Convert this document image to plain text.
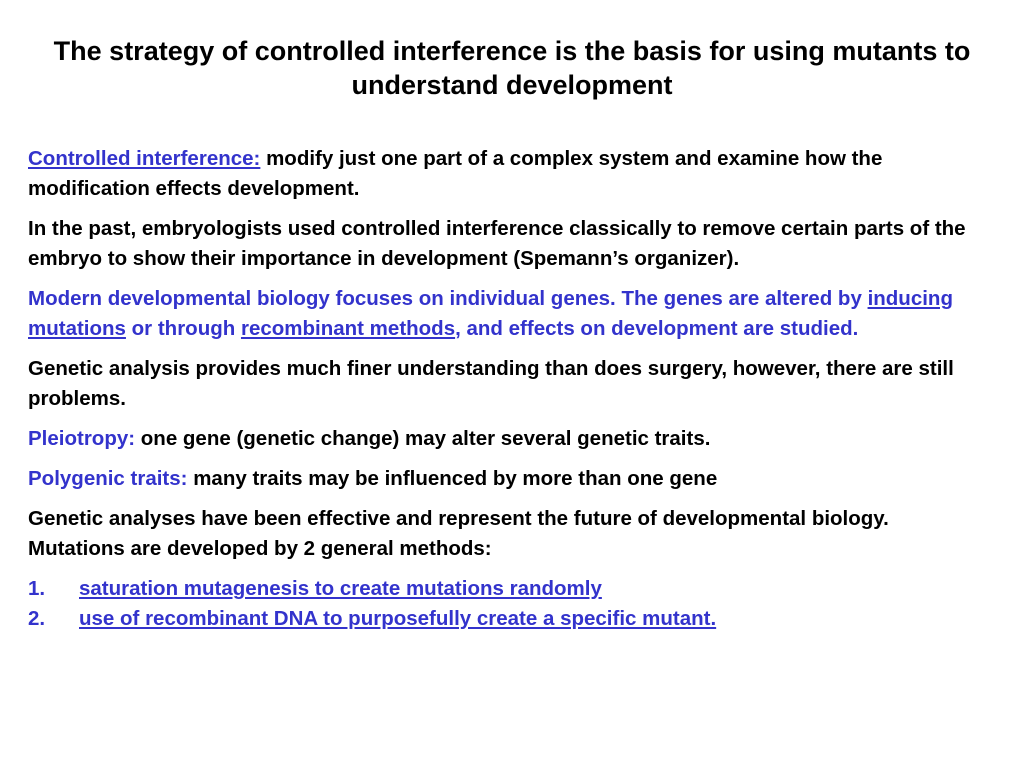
The strategy of controlled interference is the basis for using mutants to understand development

Controlled interference: modify just one part of a complex system and examine how the modification effects development.

In the past, embryologists used controlled interference classically to remove certain parts of the embryo to show their importance in development (Spemann’s organizer).

Modern developmental biology focuses on individual genes. The genes are altered by inducing mutations or through recombinant methods, and effects on development are studied.

Genetic analysis provides much finer understanding than does surgery, however, there are still problems.

Pleiotropy: one gene (genetic change) may alter several genetic traits.

Polygenic traits: many traits may be influenced by more than one gene

Genetic analyses have been effective and represent the future of developmental biology. Mutations are developed by 2 general methods:

1.	saturation mutagenesis to create mutations randomly
2.	use of recombinant DNA to purposefully create a specific mutant.
